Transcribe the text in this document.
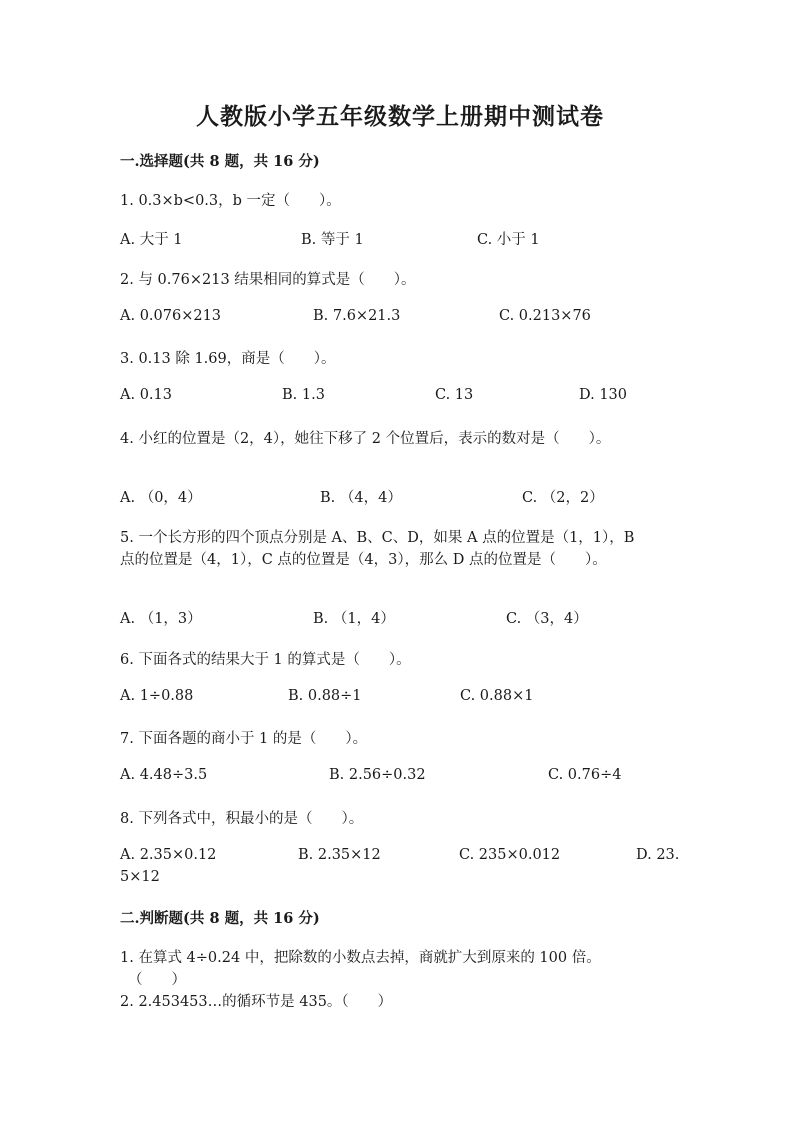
人教版小学五年级数学上册期中测试卷
一.选择题(共 8 题，共 16 分)
1. 0.3×b<0.3，b 一定（　　）。
A. 大于 1	B. 等于 1	C. 小于 1
2. 与 0.76×213 结果相同的算式是（　　）。
A. 0.076×213	B. 7.6×21.3	C. 0.213×76
3. 0.13 除 1.69，商是（　　）。
A. 0.13	B. 1.3	C. 13	D. 130
4. 小红的位置是（2，4），她往下移了 2 个位置后，表示的数对是（　　）。
A. （0，4）	B. （4，4）	C. （2，2）
5. 一个长方形的四个顶点分别是 A、B、C、D，如果 A 点的位置是（1，1），B
点的位置是（4，1），C 点的位置是（4，3），那么 D 点的位置是（　　）。
A. （1，3）	B. （1，4）	C. （3，4）
6. 下面各式的结果大于 1 的算式是（　　）。
A. 1÷0.88	B. 0.88÷1	C. 0.88×1
7. 下面各题的商小于 1 的是（　　）。
A. 4.48÷3.5	B. 2.56÷0.32	C. 0.76÷4
8. 下列各式中，积最小的是（　　）。
A. 2.35×0.12	B. 2.35×12	C. 235×0.012	D. 23.
5×12
二.判断题(共 8 题，共 16 分)
1. 在算式 4÷0.24 中，把除数的小数点去掉，商就扩大到原来的 100 倍。
（　　）
2. 2.453453…的循环节是 435。（　　）
